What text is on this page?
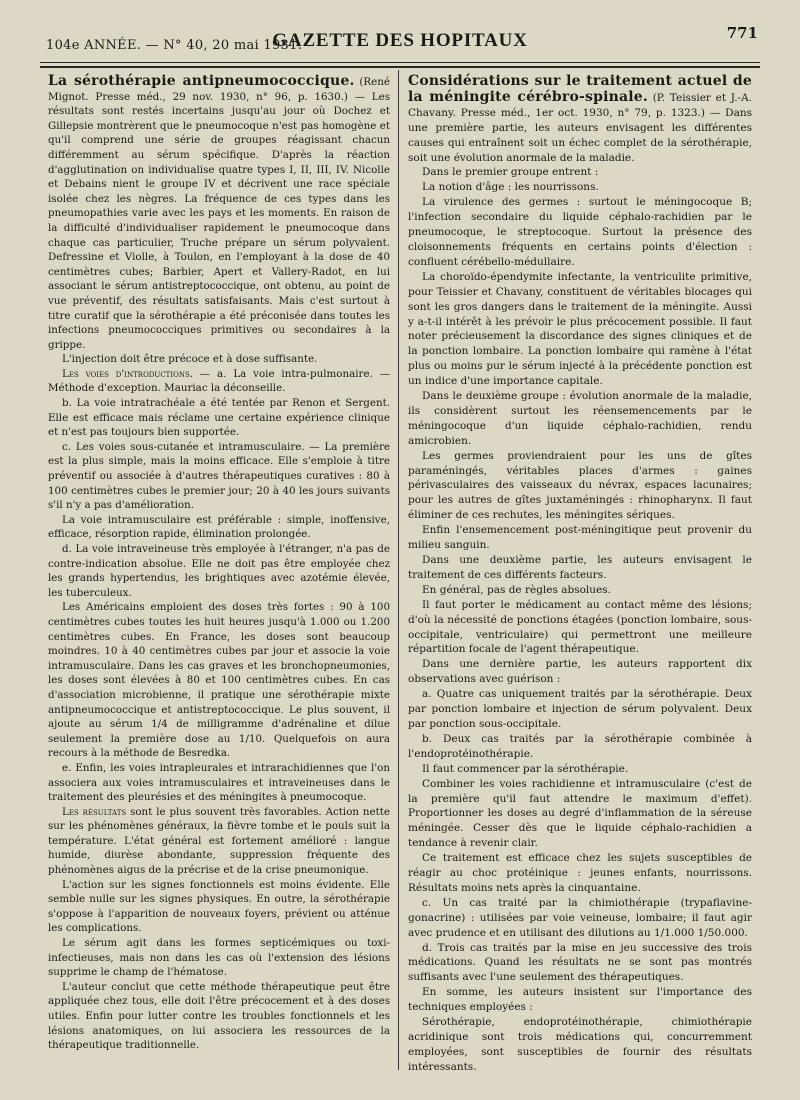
104e ANNÉE. — N° 40, 20 mai 1931.
GAZETTE DES HOPITAUX	771

La sérothérapie antipneumococcique. (René Mignot. Presse méd., 29 nov. 1930, n° 96, p. 1630.) — Les résultats sont restés incertains jusqu'au jour où Dochez et Gillepsie montrèrent que le pneumocoque n'est pas homogène et qu'il comprend une série de groupes réagissant chacun différemment au sérum spécifique. D'après la réaction d'agglutination on individualise quatre types I, II, III, IV. Nicolle et Debains nient le groupe IV et décrivent une race spéciale isolée chez les nègres. La fréquence de ces types dans les pneumopathies varie avec les pays et les moments. En raison de la difficulté d'individualiser rapidement le pneumocoque dans chaque cas particulier, Truche prépare un sérum polyvalent. Defressine et Violle, à Toulon, en l'employant à la dose de 40 centimètres cubes; Barbier, Apert et Vallery-Radot, en lui associant le sérum antistreptococcique, ont obtenu, au point de vue préventif, des résultats satisfaisants. Mais c'est surtout à titre curatif que la sérothérapie a été préconisée dans toutes les infections pneumococciques primitives ou secondaires à la grippe.

L'injection doit être précoce et à dose suffisante.

Les voies d'introductions. — a. La voie intra-pulmonaire. — Méthode d'exception. Mauriac la déconseille.

b. La voie intratrachéale a été tentée par Renon et Sergent. Elle est efficace mais réclame une certaine expérience clinique et n'est pas toujours bien supportée.

c. Les voies sous-cutanée et intramusculaire. — La première est la plus simple, mais la moins efficace. Elle s'emploie à titre préventif ou associée à d'autres thérapeutiques curatives : 80 à 100 centimètres cubes le premier jour; 20 à 40 les jours suivants s'il n'y a pas d'amélioration.

La voie intramusculaire est préférable : simple, inoffensive, efficace, résorption rapide, élimination prolongée.

d. La voie intraveineuse très employée à l'étranger, n'a pas de contre-indication absolue. Elle ne doit pas être employée chez les grands hypertendus, les brightiques avec azotémie élevée, les tuberculeux.

Les Américains emploient des doses très fortes : 90 à 100 centimètres cubes toutes les huit heures jusqu'à 1.000 ou 1.200 centimètres cubes. En France, les doses sont beaucoup moindres. 10 à 40 centimètres cubes par jour et associe la voie intramusculaire. Dans les cas graves et les bronchopneumonies, les doses sont élevées à 80 et 100 centimètres cubes. En cas d'association microbienne, il pratique une sérothérapie mixte antipneumococcique et antistreptococcique. Le plus souvent, il ajoute au sérum 1/4 de milligramme d'adrénaline et dilue seulement la première dose au 1/10. Quelquefois on aura recours à la méthode de Besredka.

e. Enfin, les voies intrapleurales et intrarachidiennes que l'on associera aux voies intramusculaires et intraveineuses dans le traitement des pleurésies et des méningites à pneumocoque.

Les résultats sont le plus souvent très favorables. Action nette sur les phénomènes généraux, la fièvre tombe et le pouls suit la température. L'état général est fortement amélioré : langue humide, diurèse abondante, suppression fréquente des phénomènes aigus de la précrise et de la crise pneumonique.

L'action sur les signes fonctionnels est moins évidente. Elle semble nulle sur les signes physiques. En outre, la sérothérapie s'oppose à l'apparition de nouveaux foyers, prévient ou atténue les complications.

Le sérum agit dans les formes septicémiques ou toxi-infectieuses, mais non dans les cas où l'extension des lésions supprime le champ de l'hématose.

L'auteur conclut que cette méthode thérapeutique peut être appliquée chez tous, elle doit l'être précocement et à des doses utiles. Enfin pour lutter contre les troubles fonctionnels et les lésions anatomiques, on lui associera les ressources de la thérapeutique traditionnelle.

Considérations sur le traitement actuel de la méningite cérébro-spinale. (P. Teissier et J.-A. Chavany. Presse méd., 1er oct. 1930, n° 79, p. 1323.) — Dans une première partie, les auteurs envisagent les différentes causes qui entraînent soit un échec complet de la sérothérapie, soit une évolution anormale de la maladie.

Dans le premier groupe entrent :

La notion d'âge : les nourrissons.

La virulence des germes : surtout le méningocoque B; l'infection secondaire du liquide céphalo-rachidien par le pneumocoque, le streptocoque. Surtout la présence des cloisonnements fréquents en certains points d'élection : confluent cérébello-médullaire.

La choroïdo-épendymite infectante, la ventriculite primitive, pour Teissier et Chavany, constituent de véritables blocages qui sont les gros dangers dans le traitement de la méningite. Aussi y a-t-il intérêt à les prévoir le plus précocement possible. Il faut noter précieusement la discordance des signes cliniques et de la ponction lombaire. La ponction lombaire qui ramène à l'état plus ou moins pur le sérum injecté à la précédente ponction est un indice d'une importance capitale.

Dans le deuxième groupe : évolution anormale de la maladie, ils considèrent surtout les réensemencements par le méningocoque d'un liquide céphalo-rachidien, rendu amicrobien.

Les germes proviendraient pour les uns de gîtes paraméningés, véritables places d'armes : gaines périvasculaires des vaisseaux du névrax, espaces lacunaires; pour les autres de gîtes juxtaméningés : rhinopharynx. Il faut éliminer de ces rechutes, les méningites sériques.

Enfin l'ensemencement post-méningitique peut provenir du milieu sanguin.

Dans une deuxième partie, les auteurs envisagent le traitement de ces différents facteurs.

En général, pas de règles absolues.

Il faut porter le médicament au contact même des lésions; d'où la nécessité de ponctions étagées (ponction lombaire, sous-occipitale, ventriculaire) qui permettront une meilleure répartition focale de l'agent thérapeutique.

Dans une dernière partie, les auteurs rapportent dix observations avec guérison :

a. Quatre cas uniquement traités par la sérothérapie. Deux par ponction lombaire et injection de sérum polyvalent. Deux par ponction sous-occipitale.

b. Deux cas traités par la sérothérapie combinée à l'endoprotéinothérapie.

Il faut commencer par la sérothérapie.

Combiner les voies rachidienne et intramusculaire (c'est de la première qu'il faut attendre le maximum d'effet). Proportionner les doses au degré d'inflammation de la séreuse méningée. Cesser dès que le liquide céphalo-rachidien a tendance à revenir clair.

Ce traitement est efficace chez les sujets susceptibles de réagir au choc protéinique : jeunes enfants, nourrissons. Résultats moins nets après la cinquantaine.

c. Un cas traité par la chimiothérapie (trypaflavine-gonacrine) : utilisées par voie veineuse, lombaire; il faut agir avec prudence et en utilisant des dilutions au 1/1.000 1/50.000.

d. Trois cas traités par la mise en jeu successive des trois médications. Quand les résultats ne se sont pas montrés suffisants avec l'une seulement des thérapeutiques.

En somme, les auteurs insistent sur l'importance des techniques employées :

Sérothérapie, endoprotéinothérapie, chimiothérapie acridinique sont trois médications qui, concurremment employées, sont susceptibles de fournir des résultats intéressants.
